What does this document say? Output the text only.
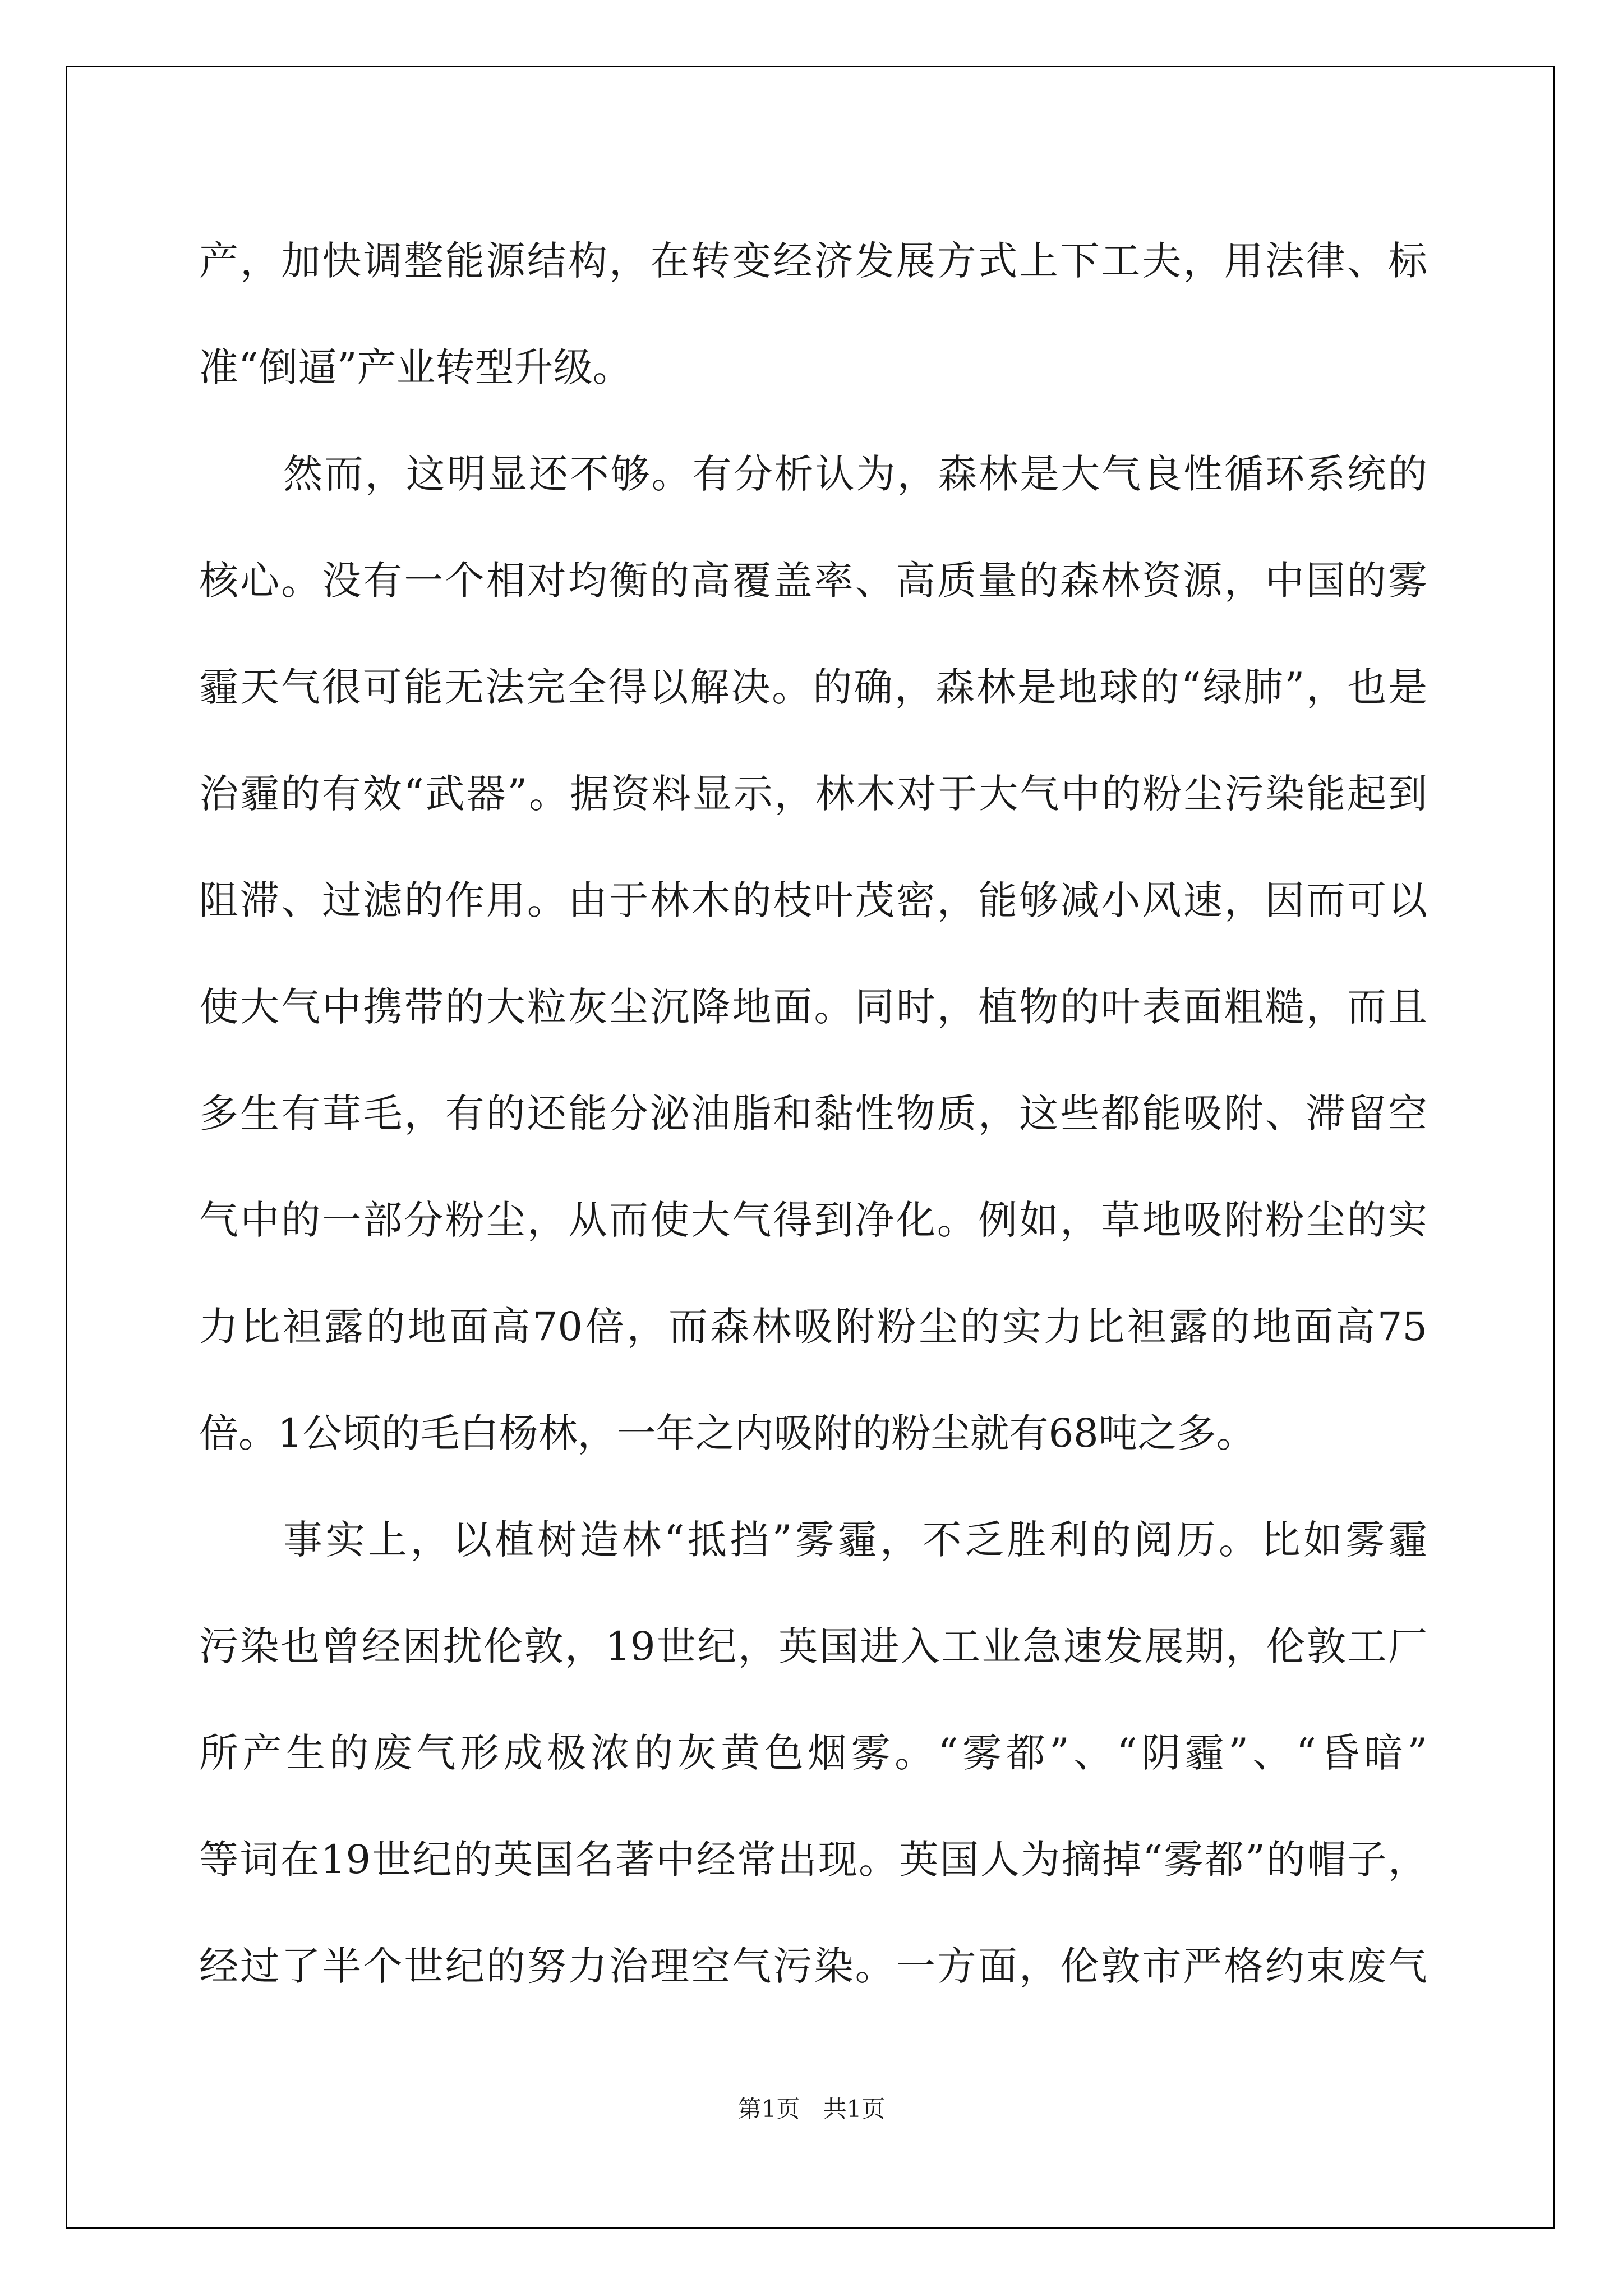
产，加快调整能源结构，在转变经济发展方式上下工夫，用法律、标
准“倒逼”产业转型升级。
然而，这明显还不够。有分析认为，森林是大气良性循环系统的
核心。没有一个相对均衡的高覆盖率、高质量的森林资源，中国的雾
霾天气很可能无法完全得以解决。的确，森林是地球的“绿肺”，也是
治霾的有效“武器”。据资料显示，林木对于大气中的粉尘污染能起到
阻滞、过滤的作用。由于林木的枝叶茂密，能够减小风速，因而可以
使大气中携带的大粒灰尘沉降地面。同时，植物的叶表面粗糙，而且
多生有茸毛，有的还能分泌油脂和黏性物质，这些都能吸附、滞留空
气中的一部分粉尘，从而使大气得到净化。例如，草地吸附粉尘的实
力比袒露的地面高70倍，而森林吸附粉尘的实力比袒露的地面高75
倍。1公顷的毛白杨林，一年之内吸附的粉尘就有68吨之多。
事实上，以植树造林“抵挡”雾霾，不乏胜利的阅历。比如雾霾
污染也曾经困扰伦敦，19世纪，英国进入工业急速发展期，伦敦工厂
所产生的废气形成极浓的灰黄色烟雾。“雾都”、“阴霾”、“昏暗”
等词在19世纪的英国名著中经常出现。英国人为摘掉“雾都”的帽子，
经过了半个世纪的努力治理空气污染。一方面，伦敦市严格约束废气
第1页 共1页
